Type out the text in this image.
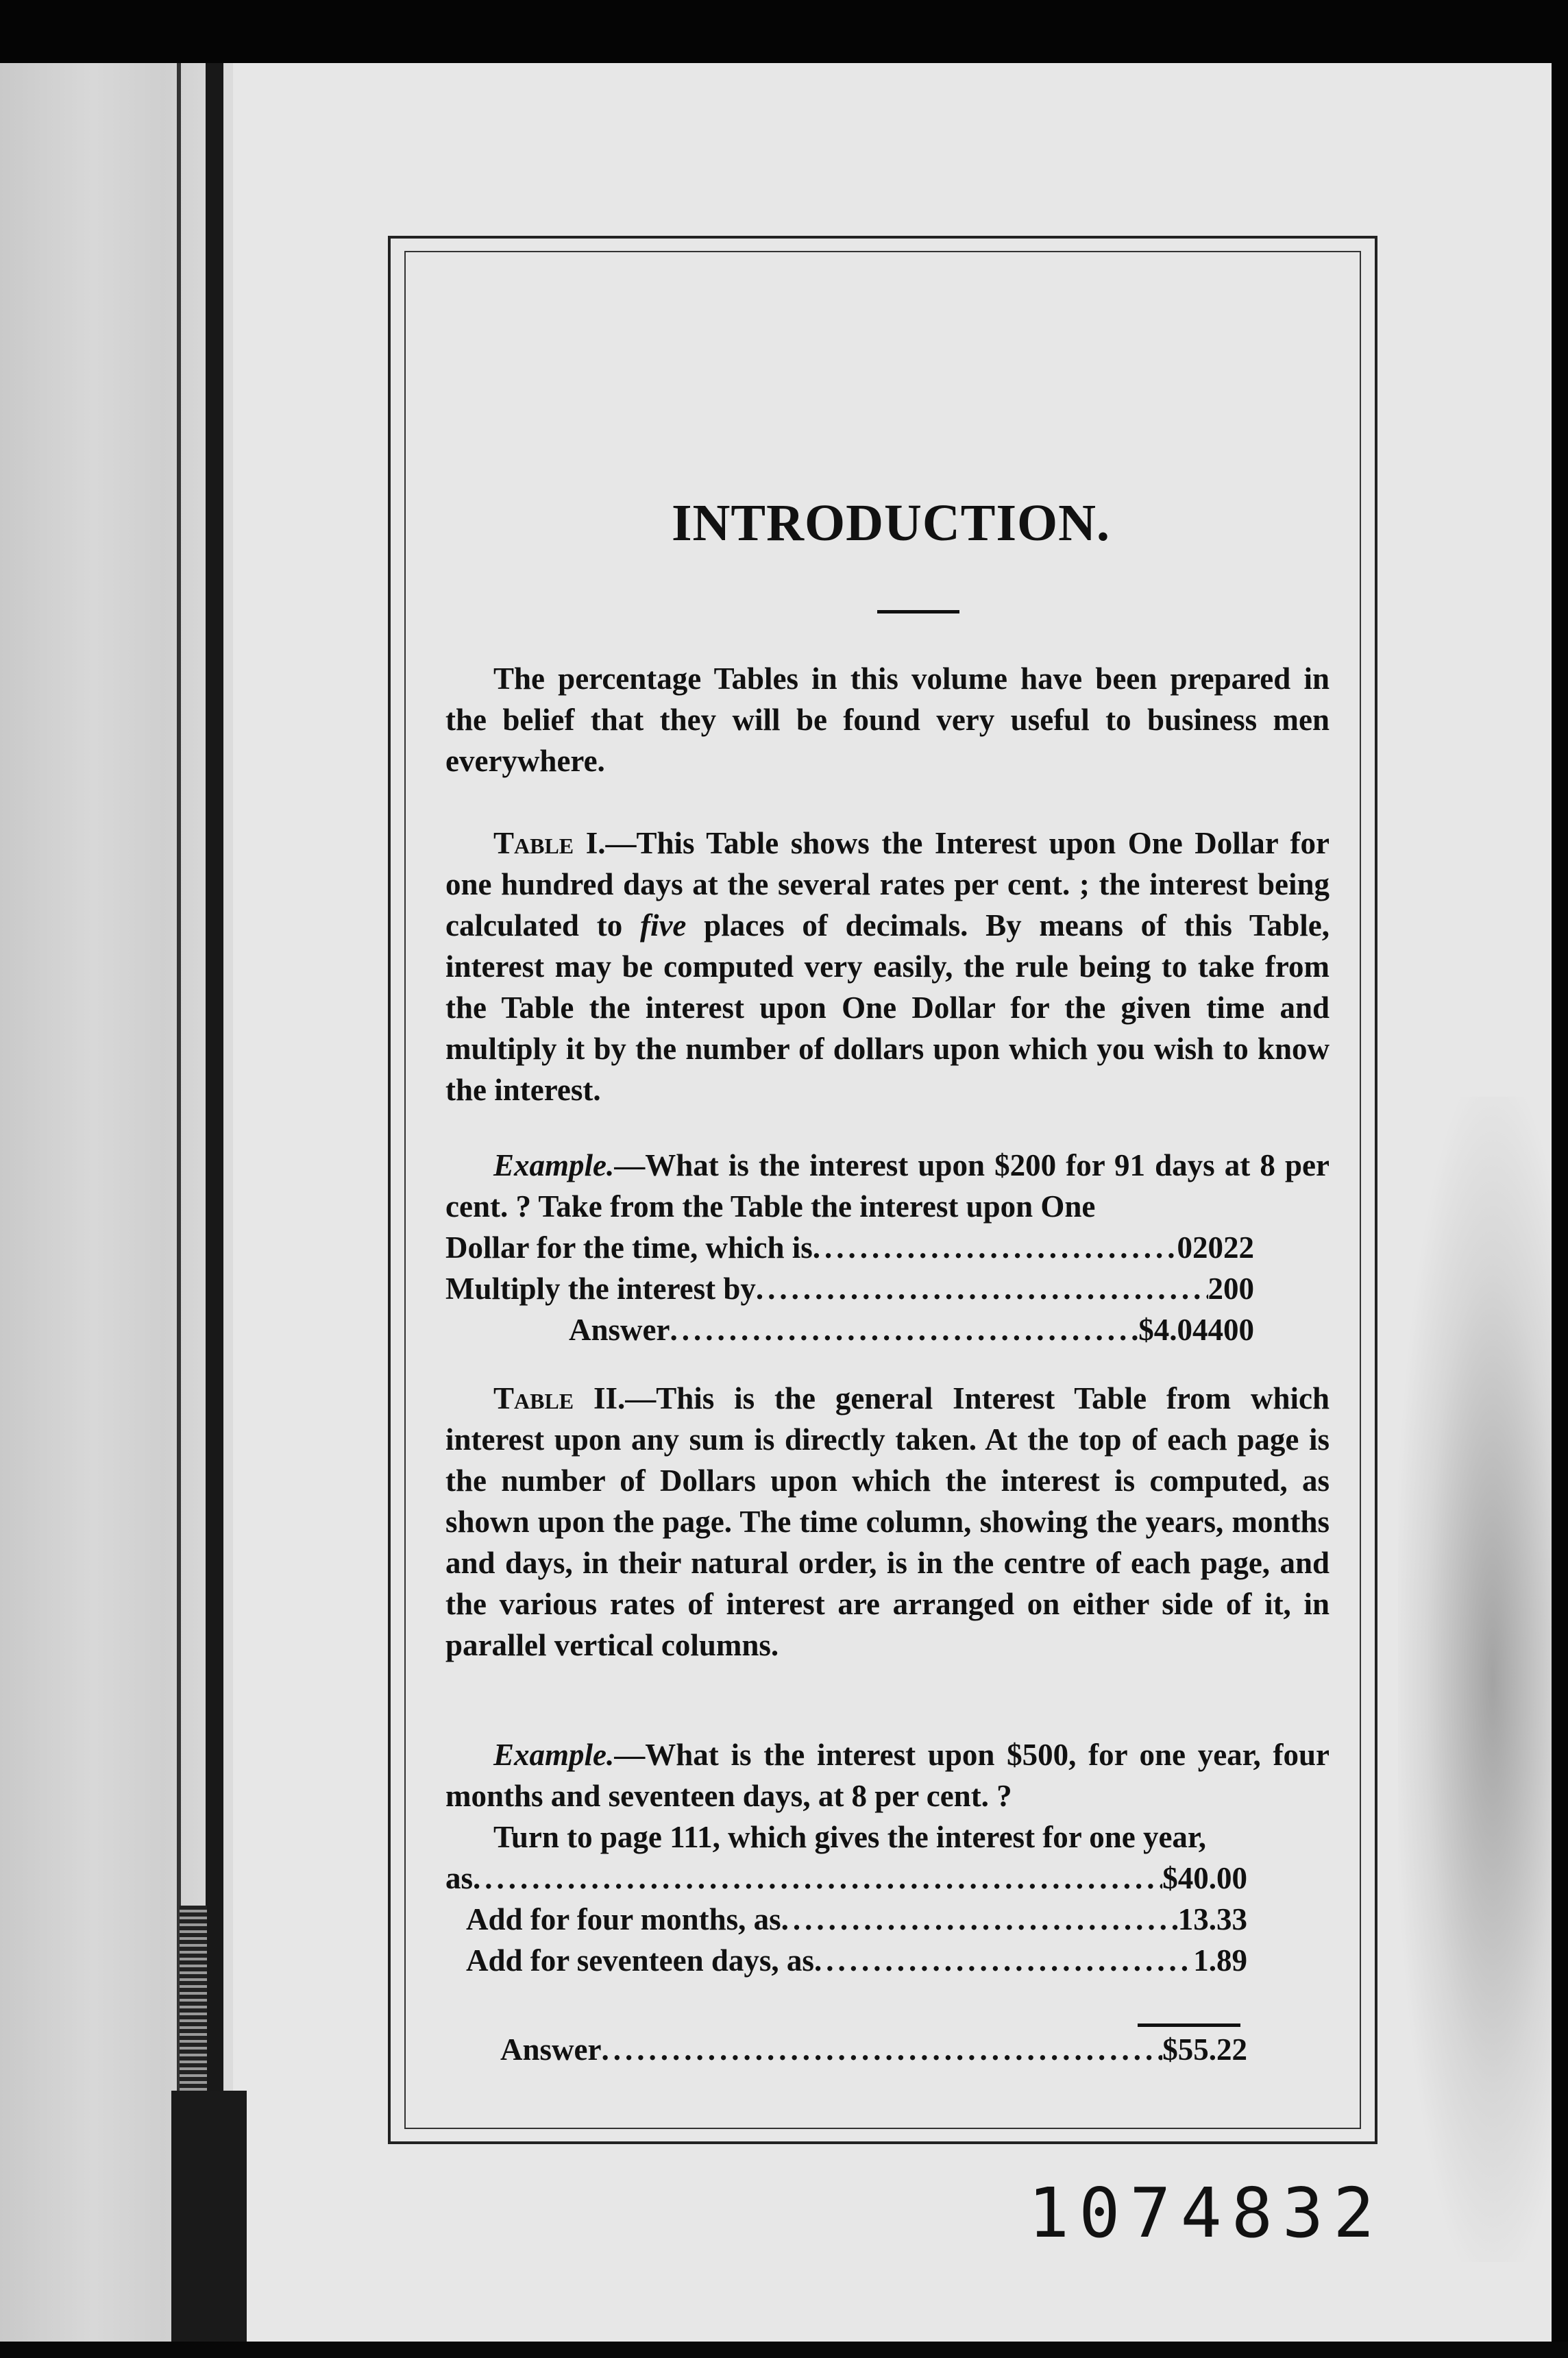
INTRODUCTION.

The percentage Tables in this volume have been prepared in the belief that they will be found very useful to business men everywhere.

Table I.—This Table shows the Interest upon One Dollar for one hundred days at the several rates per cent. ; the interest being calculated to five places of decimals. By means of this Table, interest may be computed very easily, the rule being to take from the Table the interest upon One Dollar for the given time and multiply it by the number of dollars upon which you wish to know the interest.

Example.—What is the interest upon $200 for 91 days at 8 per cent. ? Take from the Table the interest upon One

Dollar for the time, which is .....	02022
Multiply the interest by .....	200
Answer .....	$4.04400

Table II.—This is the general Interest Table from which interest upon any sum is directly taken. At the top of each page is the number of Dollars upon which the interest is computed, as shown upon the page. The time column, showing the years, months and days, in their natural order, is in the centre of each page, and the various rates of interest are arranged on either side of it, in parallel vertical columns.

Example.—What is the interest upon $500, for one year, four months and seventeen days, at 8 per cent. ?

Turn to page 111, which gives the interest for one year,

as .....	$40.00
Add for four months, as .....	13.33
Add for seventeen days, as .....	1.89
Answer .....	$55.22
1074832
